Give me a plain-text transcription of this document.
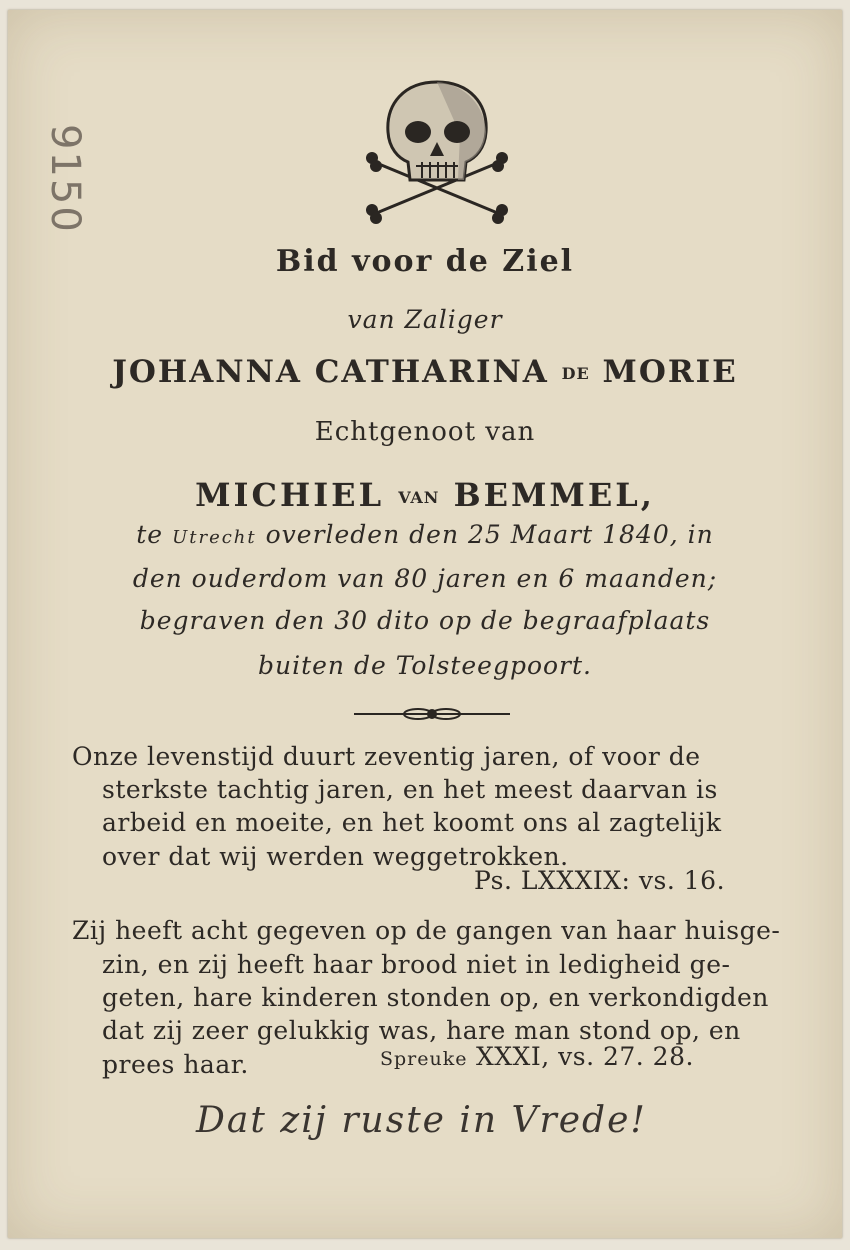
9150
Bid voor de Ziel
van Zaliger
JOHANNA CATHARINA DE MORIE
Echtgenoot van
MICHIEL VAN BEMMEL,
te Utrecht overleden den 25 Maart 1840, in
den ouderdom van 80 jaren en 6 maanden;
begraven den 30 dito op de begraafplaats
buiten de Tolsteegpoort.
Onze levenstijd duurt zeventig jaren, of voor de
sterkste tachtig jaren, en het meest daarvan is
arbeid en moeite, en het koomt ons al zagtelijk
over dat wij werden weggetrokken.
Ps. LXXXIX: vs. 16.
Zij heeft acht gegeven op de gangen van haar huisge-
zin, en zij heeft haar brood niet in ledigheid ge-
geten, hare kinderen stonden op, en verkondigden
dat zij zeer gelukkig was, hare man stond op, en
prees haar.	Spreuke XXXI, vs. 27. 28.
Dat zij ruste in Vrede!
